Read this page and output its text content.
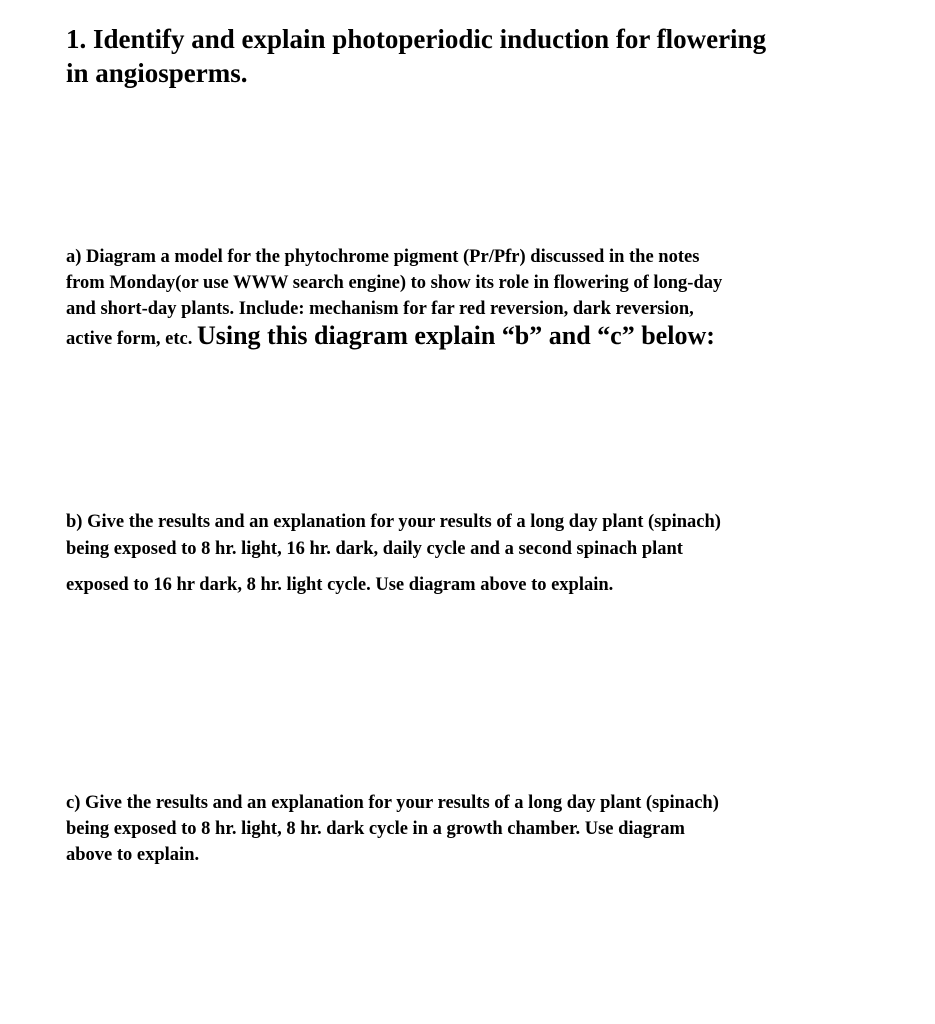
1. Identify and explain photoperiodic induction for flowering
in angiosperms.
a) Diagram a model for the phytochrome pigment (Pr/Pfr) discussed in the notes
from Monday(or use WWW search engine) to show its role in flowering of long-day
and short-day plants. Include: mechanism for far red reversion, dark reversion,
active form, etc. Using this diagram explain “b” and “c” below:
b) Give the results and an explanation for your results of a long day plant (spinach)
being exposed to 8 hr. light, 16 hr. dark, daily cycle and a second spinach plant
exposed to 16 hr dark, 8 hr. light cycle. Use diagram above to explain.
c) Give the results and an explanation for your results of a long day plant (spinach)
being exposed to 8 hr. light, 8 hr. dark cycle in a growth chamber. Use diagram
above to explain.
